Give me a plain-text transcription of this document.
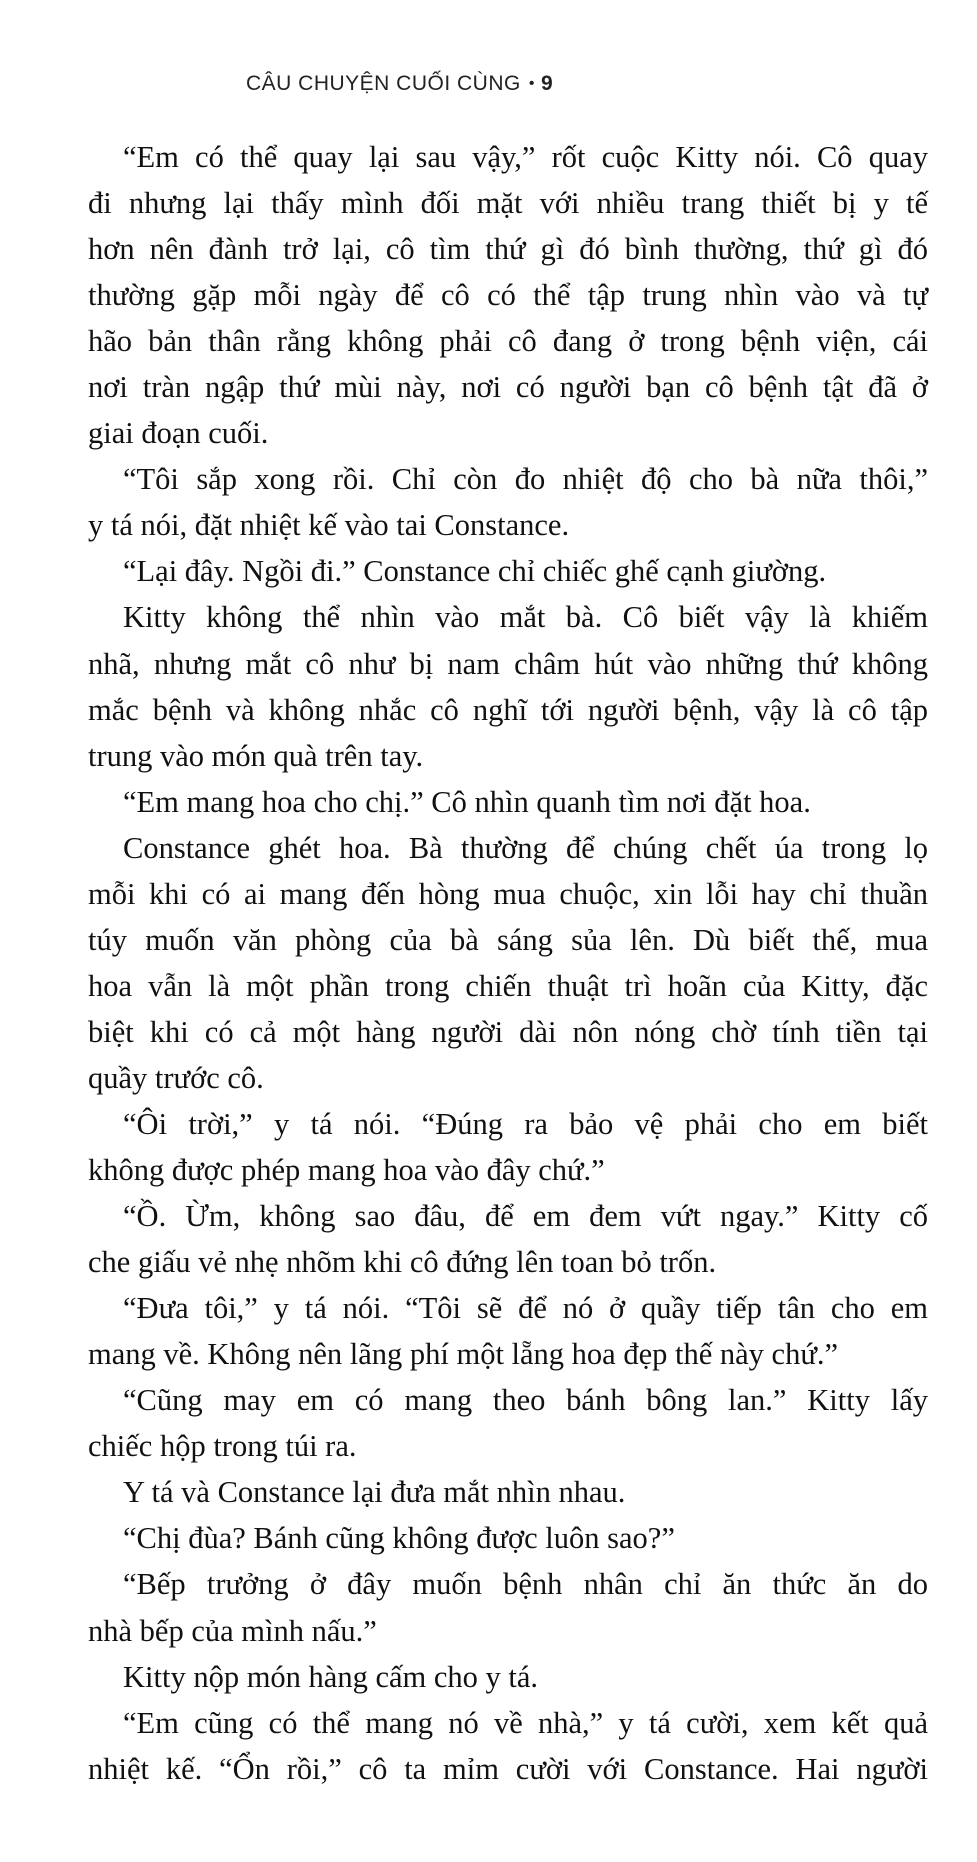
CÂU CHUYỆN CUỐI CÙNG • 9
“Em có thể quay lại sau vậy,” rốt cuộc Kitty nói. Cô quay
đi nhưng lại thấy mình đối mặt với nhiều trang thiết bị y tế
hơn nên đành trở lại, cô tìm thứ gì đó bình thường, thứ gì đó
thường gặp mỗi ngày để cô có thể tập trung nhìn vào và tự
hão bản thân rằng không phải cô đang ở trong bệnh viện, cái
nơi tràn ngập thứ mùi này, nơi có người bạn cô bệnh tật đã ở
giai đoạn cuối.
“Tôi sắp xong rồi. Chỉ còn đo nhiệt độ cho bà nữa thôi,”
y tá nói, đặt nhiệt kế vào tai Constance.
“Lại đây. Ngồi đi.” Constance chỉ chiếc ghế cạnh giường.
Kitty không thể nhìn vào mắt bà. Cô biết vậy là khiếm
nhã, nhưng mắt cô như bị nam châm hút vào những thứ không
mắc bệnh và không nhắc cô nghĩ tới người bệnh, vậy là cô tập
trung vào món quà trên tay.
“Em mang hoa cho chị.” Cô nhìn quanh tìm nơi đặt hoa.
Constance ghét hoa. Bà thường để chúng chết úa trong lọ
mỗi khi có ai mang đến hòng mua chuộc, xin lỗi hay chỉ thuần
túy muốn văn phòng của bà sáng sủa lên. Dù biết thế, mua
hoa vẫn là một phần trong chiến thuật trì hoãn của Kitty, đặc
biệt khi có cả một hàng người dài nôn nóng chờ tính tiền tại
quầy trước cô.
“Ôi trời,” y tá nói. “Đúng ra bảo vệ phải cho em biết
không được phép mang hoa vào đây chứ.”
“Ồ. Ừm, không sao đâu, để em đem vứt ngay.” Kitty cố
che giấu vẻ nhẹ nhõm khi cô đứng lên toan bỏ trốn.
“Đưa tôi,” y tá nói. “Tôi sẽ để nó ở quầy tiếp tân cho em
mang về. Không nên lãng phí một lẵng hoa đẹp thế này chứ.”
“Cũng may em có mang theo bánh bông lan.” Kitty lấy
chiếc hộp trong túi ra.
Y tá và Constance lại đưa mắt nhìn nhau.
“Chị đùa? Bánh cũng không được luôn sao?”
“Bếp trưởng ở đây muốn bệnh nhân chỉ ăn thức ăn do
nhà bếp của mình nấu.”
Kitty nộp món hàng cấm cho y tá.
“Em cũng có thể mang nó về nhà,” y tá cười, xem kết quả
nhiệt kế. “Ổn rồi,” cô ta mỉm cười với Constance. Hai người
